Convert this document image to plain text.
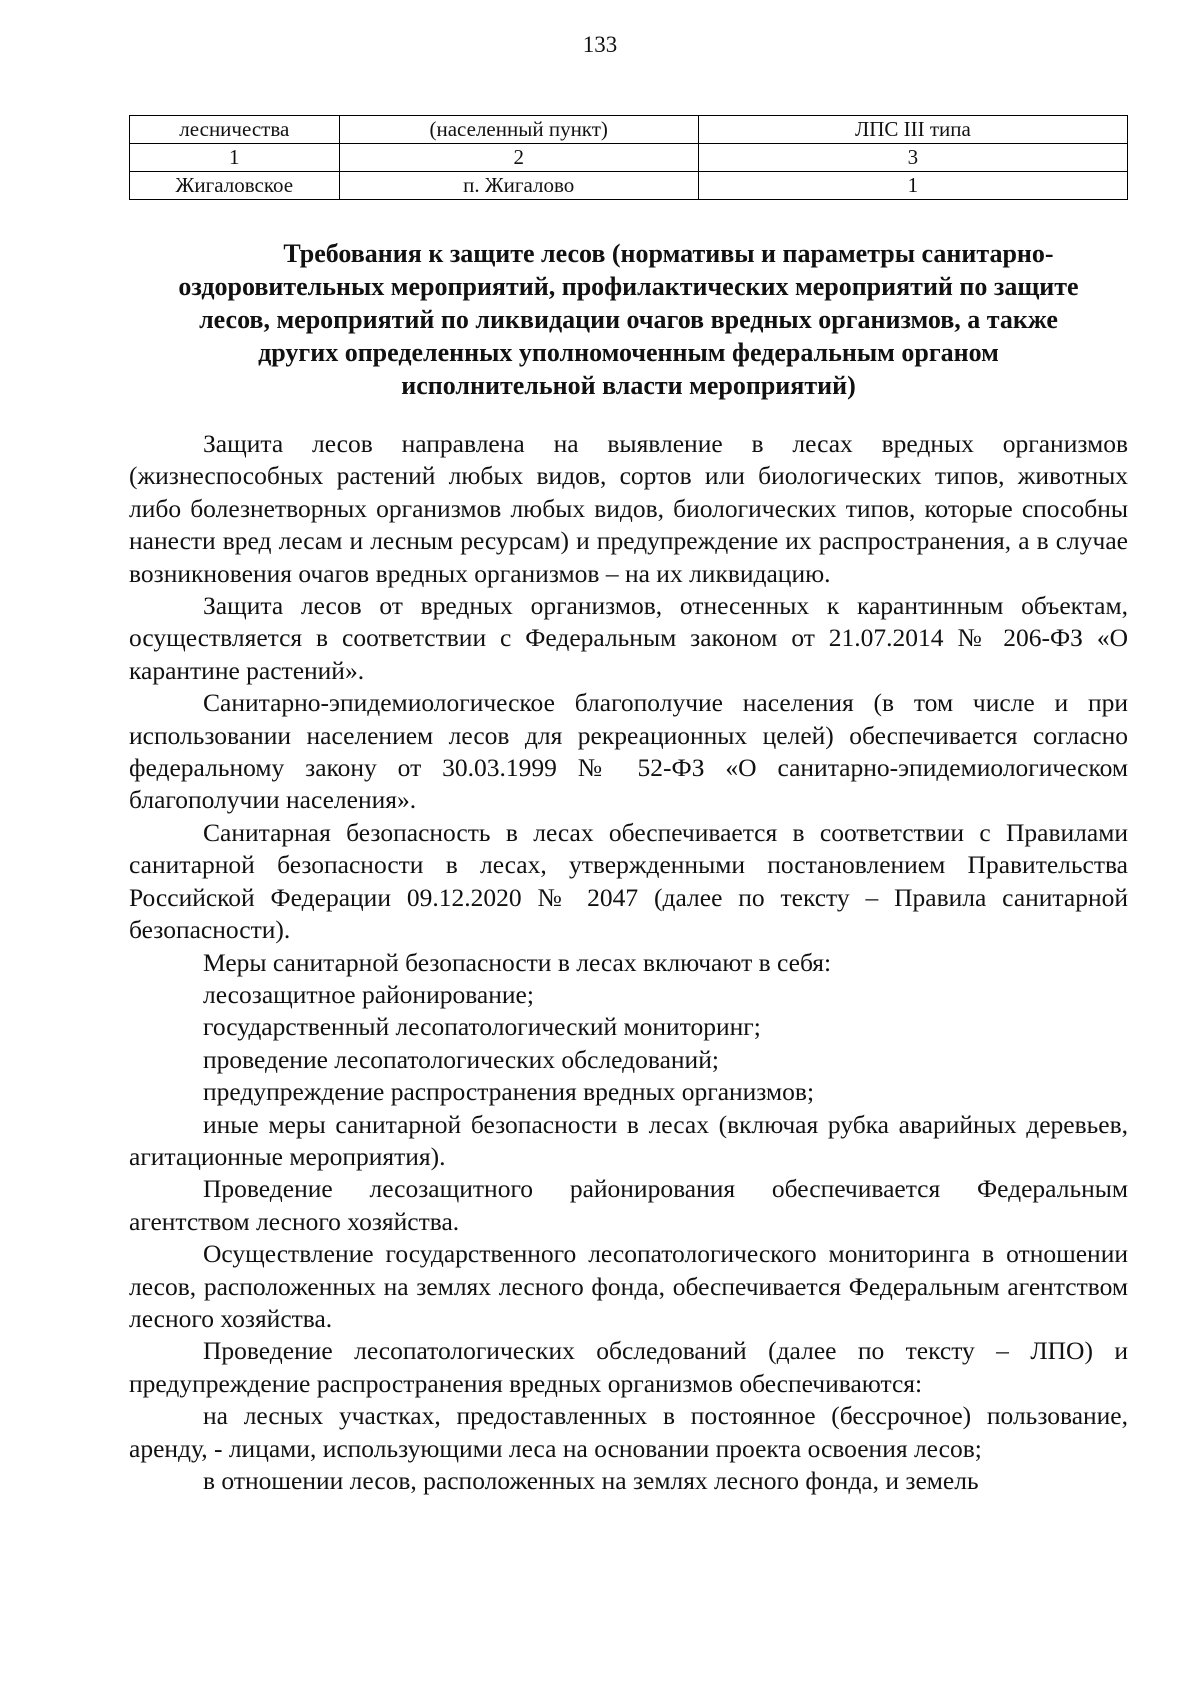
133
лесничества	(населенный пункт)	ЛПС III типа
1	2	3
Жигаловское	п. Жигалово	1
Требования к защите лесов (нормативы и параметры санитарно-
оздоровительных мероприятий, профилактических мероприятий по защите
лесов, мероприятий по ликвидации очагов вредных организмов, а также
других определенных уполномоченным федеральным органом
исполнительной власти мероприятий)

Защита лесов направлена на выявление в лесах вредных организмов (жизнеспособных растений любых видов, сортов или биологических типов, животных либо болезнетворных организмов любых видов, биологических типов, которые способны нанести вред лесам и лесным ресурсам) и предупреждение их распространения, а в случае возникновения очагов вредных организмов – на их ликвидацию.

Защита лесов от вредных организмов, отнесенных к карантинным объектам, осуществляется в соответствии с Федеральным законом от 21.07.2014 № 206-ФЗ «О карантине растений».

Санитарно-эпидемиологическое благополучие населения (в том числе и при использовании населением лесов для рекреационных целей) обеспечивается согласно федеральному закону от 30.03.1999 № 52-ФЗ «О санитарно-эпидемиологическом благополучии населения».

Санитарная безопасность в лесах обеспечивается в соответствии с Правилами санитарной безопасности в лесах, утвержденными постановлением Правительства Российской Федерации 09.12.2020 № 2047 (далее по тексту – Правила санитарной безопасности).

Меры санитарной безопасности в лесах включают в себя:

лесозащитное районирование;

государственный лесопатологический мониторинг;

проведение лесопатологических обследований;

предупреждение распространения вредных организмов;

иные меры санитарной безопасности в лесах (включая рубка аварийных деревьев, агитационные мероприятия).

Проведение лесозащитного районирования обеспечивается Федеральным агентством лесного хозяйства.

Осуществление государственного лесопатологического мониторинга в отношении лесов, расположенных на землях лесного фонда, обеспечивается Федеральным агентством лесного хозяйства.

Проведение лесопатологических обследований (далее по тексту – ЛПО) и предупреждение распространения вредных организмов обеспечиваются:

на лесных участках, предоставленных в постоянное (бессрочное) пользование, аренду, - лицами, использующими леса на основании проекта освоения лесов;

в отношении лесов, расположенных на землях лесного фонда, и земель
